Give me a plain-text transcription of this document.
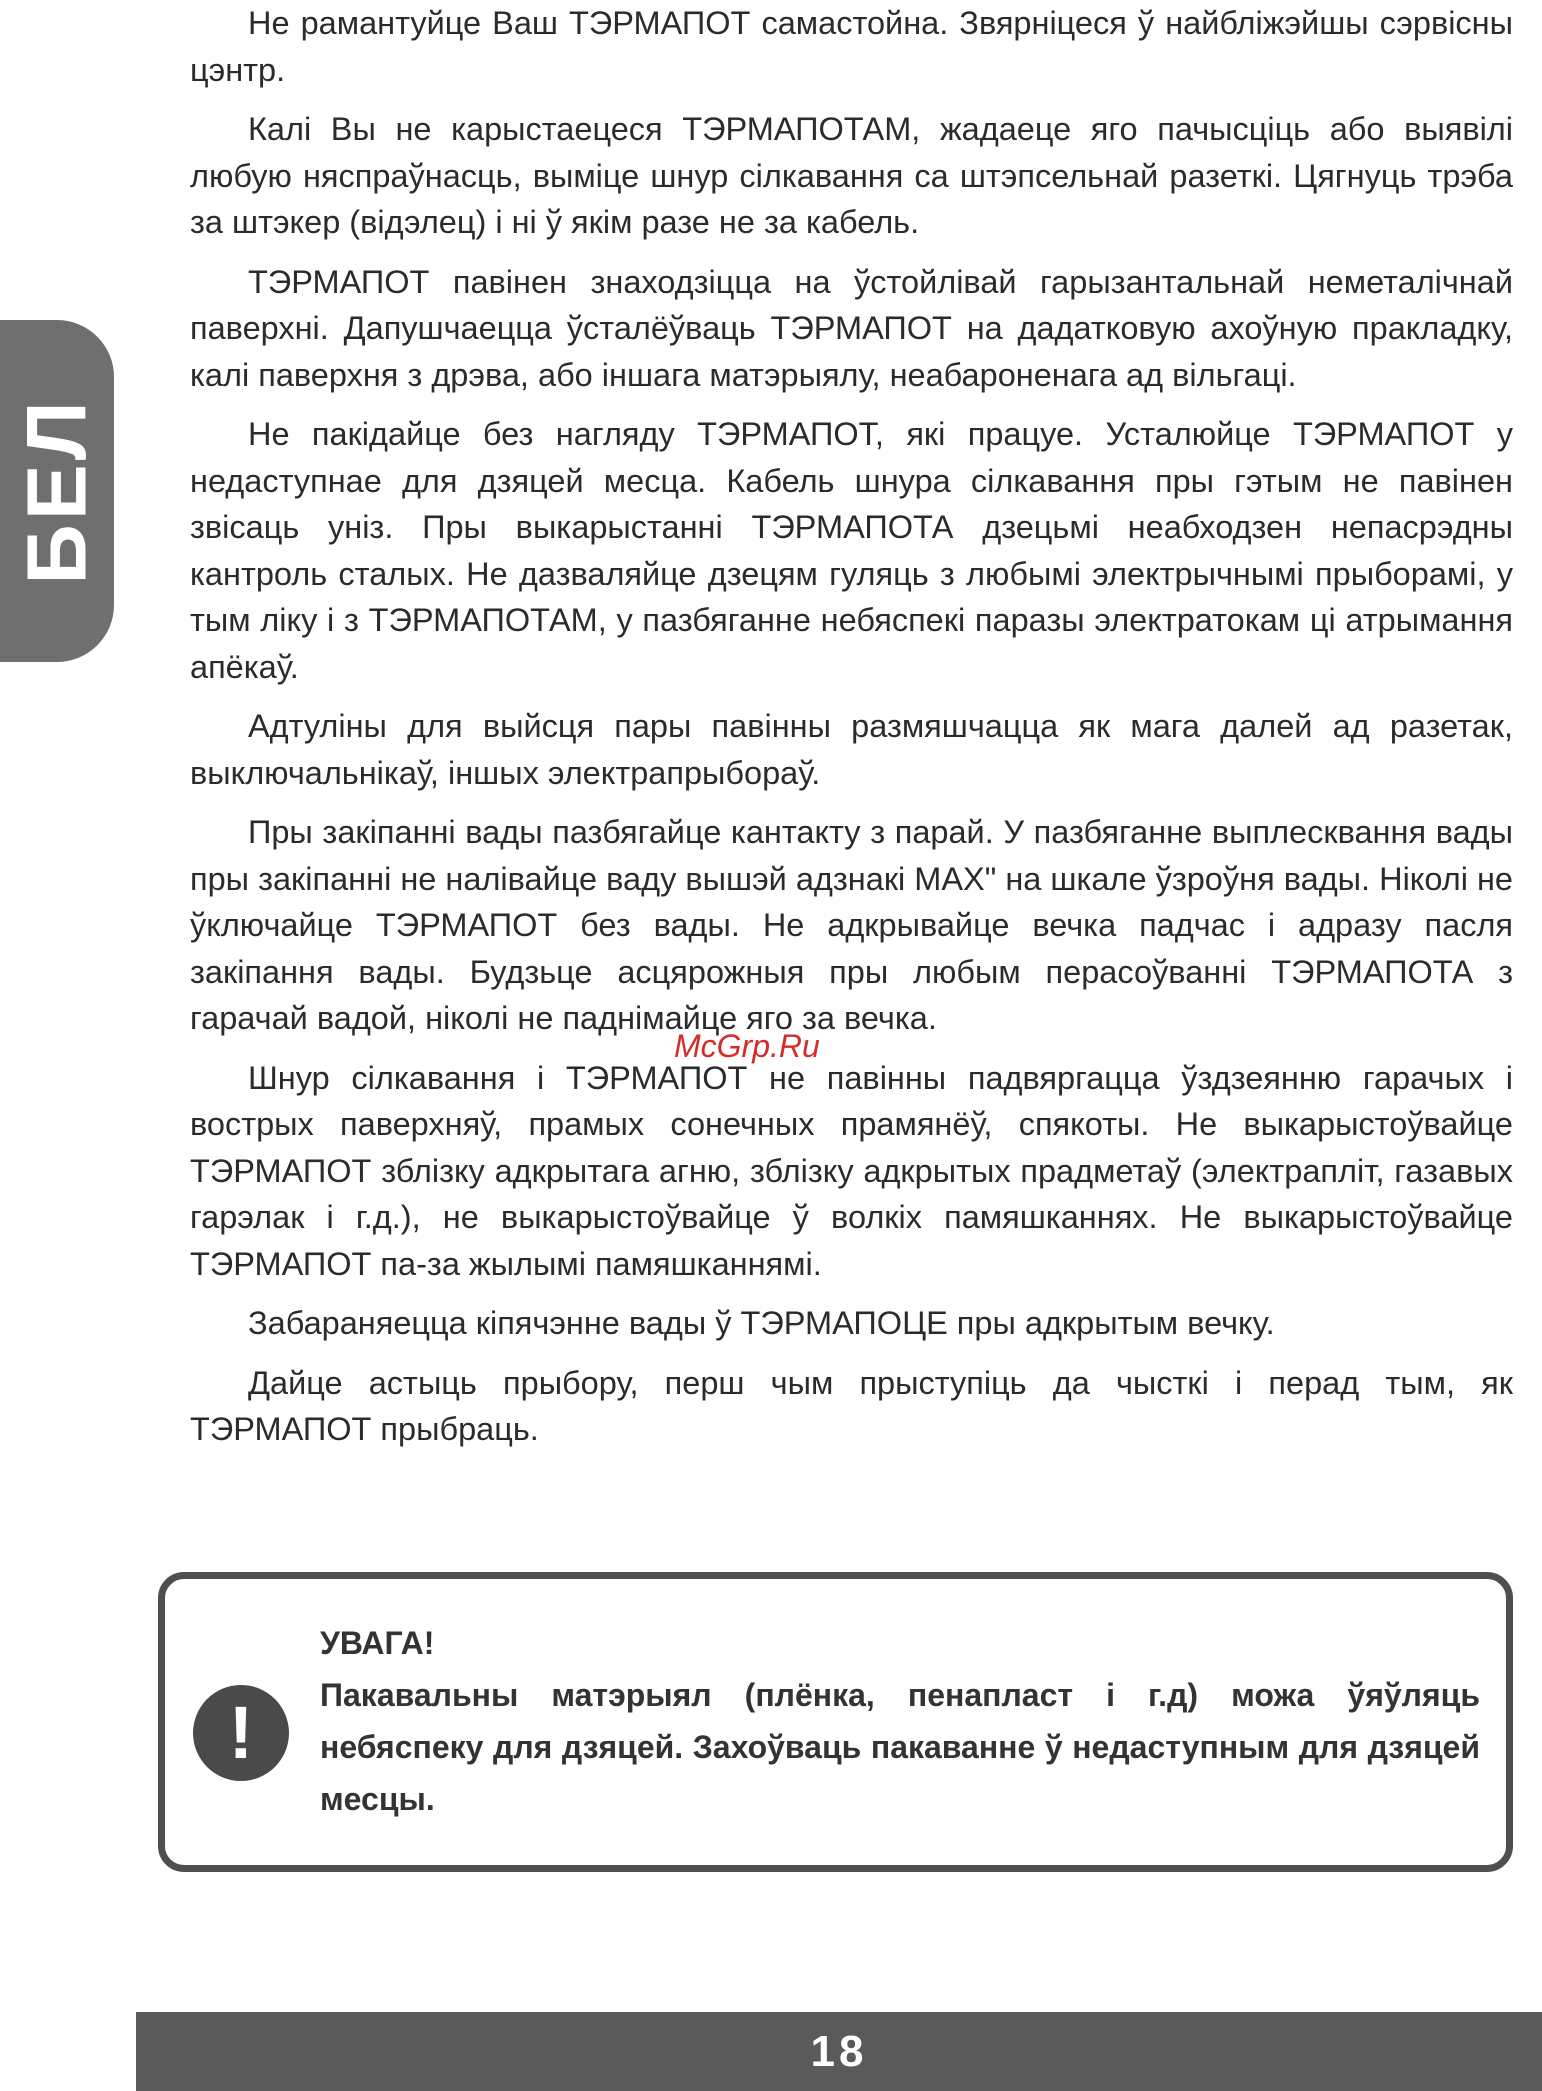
БЕЛ

Не рамантуйце Ваш ТЭРМАПОТ самастойна. Звярніцеся ў найбліжэйшы сэрвісны цэнтр.

Калі Вы не карыстаецеся ТЭРМАПОТАМ, жадаеце яго пачысціць або выявілі любую няспраўнасць, выміце шнур сілкавання са штэпсельнай разеткі. Цягнуць трэба за штэкер (відэлец) і ні ў якім разе не за кабель.

ТЭРМАПОТ павінен знаходзіцца на ўстойлівай гарызантальнай неметалічнай паверхні. Дапушчаецца ўсталёўваць ТЭРМАПОТ на дадатковую ахоўную пракладку, калі паверхня з дрэва, або іншага матэрыялу, неабароненага ад вільгаці.

Не пакідайце без нагляду ТЭРМАПОТ, які працуе. Усталюйце ТЭРМАПОТ у недаступнае для дзяцей месца. Кабель шнура сілкавання пры гэтым не павінен звісаць уніз. Пры выкарыстанні ТЭРМАПОТА дзецьмі неабходзен непасрэдны кантроль сталых. Не дазваляйце дзецям гуляць з любымі электрычнымі прыборамі, у тым ліку і з ТЭРМАПОТАМ, у пазбяганне небяспекі паразы электратокам ці атрымання апёкаў.

Адтуліны для выйсця пары павінны размяшчацца як мага далей ад разетак, выключальнікаў, іншых электрапрыбораў.

Пры закіпанні вады пазбягайце кантакту з парай. У пазбяганне выплесквання вады пры закіпанні не налівайце ваду вышэй адзнакі MAX" на шкале ўзроўня вады. Ніколі не ўключайце ТЭРМАПОТ без вады. Не адкрывайце вечка падчас і адразу пасля закіпання вады. Будзьце асцярожныя пры любым перасоўванні ТЭРМАПОТА з гарачай вадой, ніколі не паднімайце яго за вечка.

Шнур сілкавання і ТЭРМАПОТ не павінны падвяргацца ўздзеянню гарачых і вострых паверхняў, прамых сонечных прамянёў, спякоты. Не выкарыстоўвайце ТЭРМАПОТ зблізку адкрытага агню, зблізку адкрытых прадметаў (электрапліт, газавых гарэлак і г.д.), не выкарыстоўвайце ў волкіх памяшканнях. Не выкарыстоўвайце ТЭРМАПОТ па-за жылымі памяшканнямі.

Забараняецца кіпячэнне вады ў ТЭРМАПОЦЕ пры адкрытым вечку.

Дайце астыць прыбору, перш чым прыступіць да чысткі і перад тым, як ТЭРМАПОТ прыбраць.

McGrp.Ru
!

УВАГА!

Пакавальны матэрыял (плёнка, пенапласт і г.д) можа ўяўляць небяспеку для дзяцей. Захоўваць пакаванне ў недаступным для дзяцей месцы.

18
